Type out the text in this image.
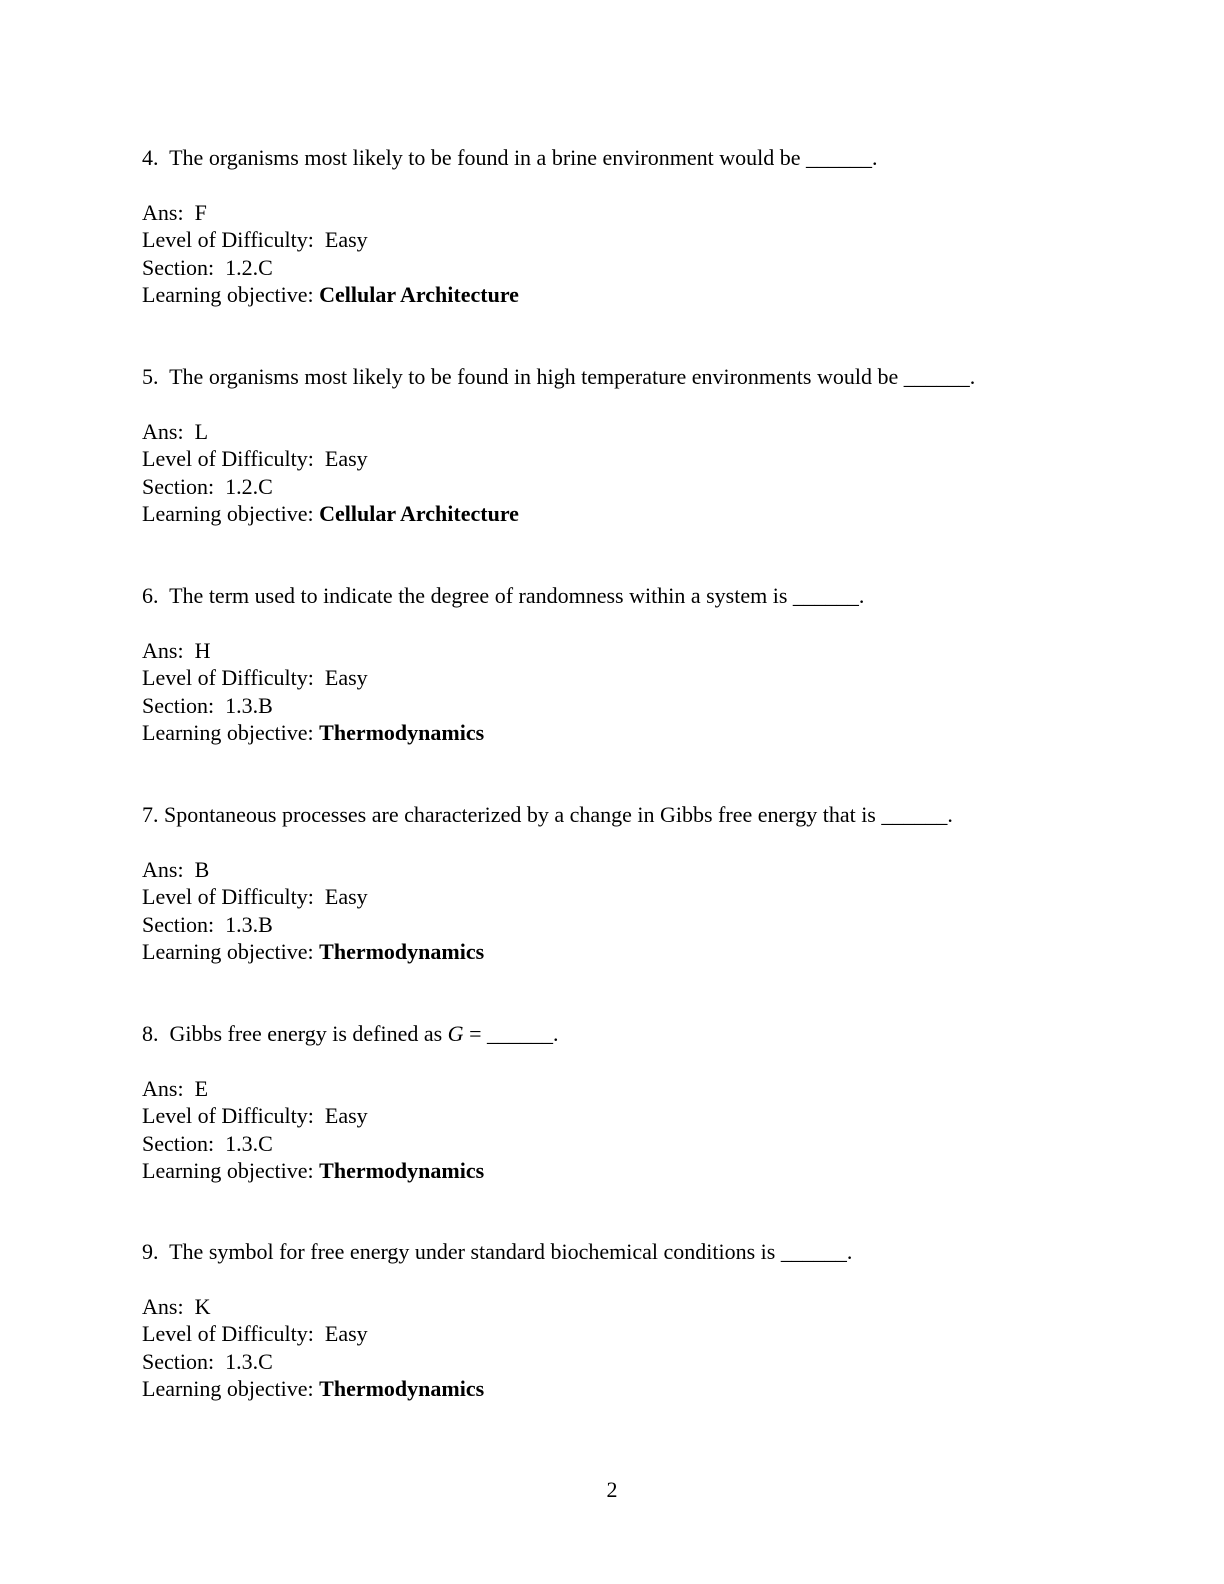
4. The organisms most likely to be found in a brine environment would be ______.

Ans: F

Level of Difficulty: Easy

Section: 1.2.C

Learning objective: Cellular Architecture

5. The organisms most likely to be found in high temperature environments would be ______.

Ans: L

Level of Difficulty: Easy

Section: 1.2.C

Learning objective: Cellular Architecture

6. The term used to indicate the degree of randomness within a system is ______.

Ans: H

Level of Difficulty: Easy

Section: 1.3.B

Learning objective: Thermodynamics

7. Spontaneous processes are characterized by a change in Gibbs free energy that is ______.

Ans: B

Level of Difficulty: Easy

Section: 1.3.B

Learning objective: Thermodynamics

8. Gibbs free energy is defined as G = ______.

Ans: E

Level of Difficulty: Easy

Section: 1.3.C

Learning objective: Thermodynamics

9. The symbol for free energy under standard biochemical conditions is ______.

Ans: K

Level of Difficulty: Easy

Section: 1.3.C

Learning objective: Thermodynamics

2
